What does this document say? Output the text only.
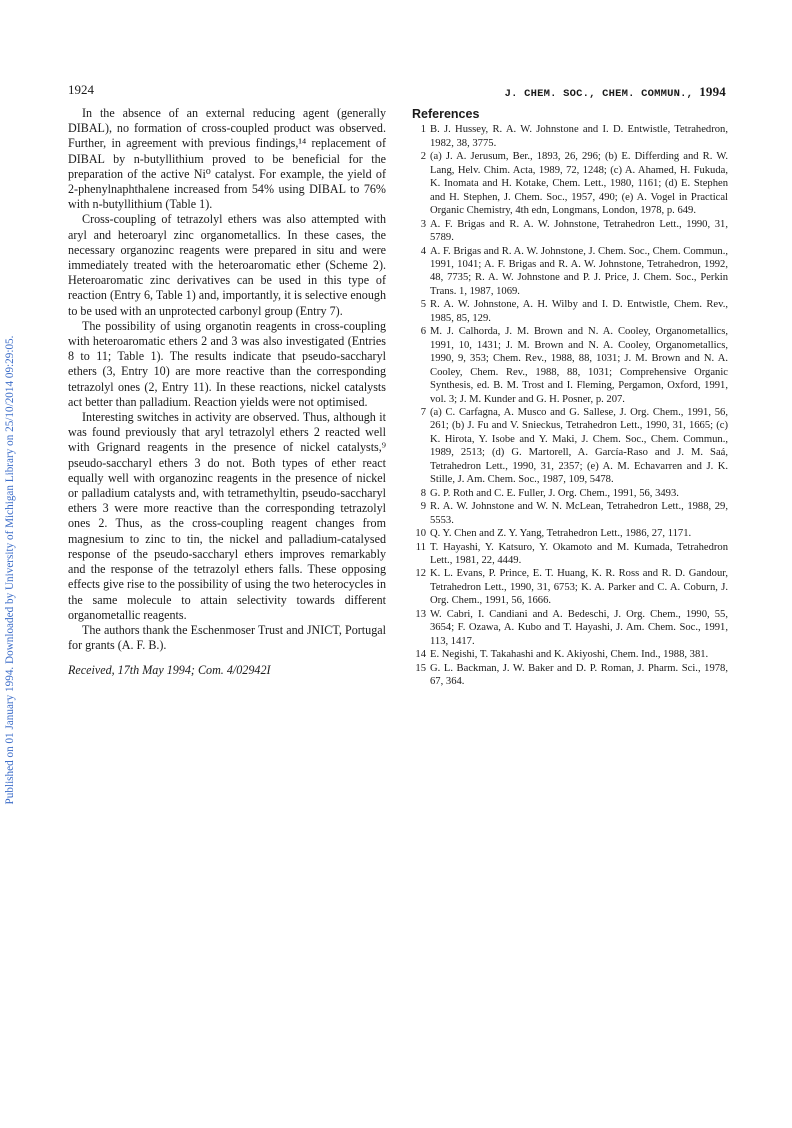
Published on 01 January 1994. Downloaded by University of Michigan Library on 25/10/2014 09:29:05.
1924	J. CHEM. SOC., CHEM. COMMUN., 1994

In the absence of an external reducing agent (generally DIBAL), no formation of cross-coupled product was observed. Further, in agreement with previous findings,¹⁴ replacement of DIBAL by n-butyllithium proved to be beneficial for the preparation of the active Ni⁰ catalyst. For example, the yield of 2-phenylnaphthalene increased from 54% using DIBAL to 76% with n-butyllithium (Table 1).

Cross-coupling of tetrazolyl ethers was also attempted with aryl and heteroaryl zinc organometallics. In these cases, the necessary organozinc reagents were prepared in situ and were immediately treated with the heteroaromatic ether (Scheme 2). Heteroaromatic zinc derivatives can be used in this type of reaction (Entry 6, Table 1) and, importantly, it is selective enough to be used with an unprotected carbonyl group (Entry 7).

The possibility of using organotin reagents in cross-coupling with heteroaromatic ethers 2 and 3 was also investigated (Entries 8 to 11; Table 1). The results indicate that pseudo-saccharyl ethers (3, Entry 10) are more reactive than the corresponding tetrazolyl ones (2, Entry 11). In these reactions, nickel catalysts act better than palladium. Reaction yields were not optimised.

Interesting switches in activity are observed. Thus, although it was found previously that aryl tetrazolyl ethers 2 reacted well with Grignard reagents in the presence of nickel catalysts,⁹ pseudo-saccharyl ethers 3 do not. Both types of ether react equally well with organozinc reagents in the presence of nickel or palladium catalysts and, with tetramethyltin, pseudo-saccharyl ethers 3 were more reactive than the corresponding tetrazolyl ones 2. Thus, as the cross-coupling reagent changes from magnesium to zinc to tin, the nickel and palladium-catalysed response of the pseudo-saccharyl ethers improves remarkably and the response of the tetrazolyl ethers falls. These opposing effects give rise to the possibility of using the two heterocycles in the same molecule to attain selectivity towards different organometallic reagents.

The authors thank the Eschenmoser Trust and JNICT, Portugal for grants (A. F. B.).

Received, 17th May 1994; Com. 4/02942I

References
1 B. J. Hussey, R. A. W. Johnstone and I. D. Entwistle, Tetrahedron, 1982, 38, 3775.
2 (a) J. A. Jerusum, Ber., 1893, 26, 296; (b) E. Differding and R. W. Lang, Helv. Chim. Acta, 1989, 72, 1248; (c) A. Ahamed, H. Fukuda, K. Inomata and H. Kotake, Chem. Lett., 1980, 1161; (d) E. Stephen and H. Stephen, J. Chem. Soc., 1957, 490; (e) A. Vogel in Practical Organic Chemistry, 4th edn, Longmans, London, 1978, p. 649.
3 A. F. Brigas and R. A. W. Johnstone, Tetrahedron Lett., 1990, 31, 5789.
4 A. F. Brigas and R. A. W. Johnstone, J. Chem. Soc., Chem. Commun., 1991, 1041; A. F. Brigas and R. A. W. Johnstone, Tetrahedron, 1992, 48, 7735; R. A. W. Johnstone and P. J. Price, J. Chem. Soc., Perkin Trans. 1, 1987, 1069.
5 R. A. W. Johnstone, A. H. Wilby and I. D. Entwistle, Chem. Rev., 1985, 85, 129.
6 M. J. Calhorda, J. M. Brown and N. A. Cooley, Organometallics, 1991, 10, 1431; J. M. Brown and N. A. Cooley, Organometallics, 1990, 9, 353; Chem. Rev., 1988, 88, 1031; J. M. Brown and N. A. Cooley, Chem. Rev., 1988, 88, 1031; Comprehensive Organic Synthesis, ed. B. M. Trost and I. Fleming, Pergamon, Oxford, 1991, vol. 3; J. M. Kunder and G. H. Posner, p. 207.
7 (a) C. Carfagna, A. Musco and G. Sallese, J. Org. Chem., 1991, 56, 261; (b) J. Fu and V. Snieckus, Tetrahedron Lett., 1990, 31, 1665; (c) K. Hirota, Y. Isobe and Y. Maki, J. Chem. Soc., Chem. Commun., 1989, 2513; (d) G. Martorell, A. García-Raso and J. M. Saá, Tetrahedron Lett., 1990, 31, 2357; (e) A. M. Echavarren and J. K. Stille, J. Am. Chem. Soc., 1987, 109, 5478.
8 G. P. Roth and C. E. Fuller, J. Org. Chem., 1991, 56, 3493.
9 R. A. W. Johnstone and W. N. McLean, Tetrahedron Lett., 1988, 29, 5553.
10 Q. Y. Chen and Z. Y. Yang, Tetrahedron Lett., 1986, 27, 1171.
11 T. Hayashi, Y. Katsuro, Y. Okamoto and M. Kumada, Tetrahedron Lett., 1981, 22, 4449.
12 K. L. Evans, P. Prince, E. T. Huang, K. R. Ross and R. D. Gandour, Tetrahedron Lett., 1990, 31, 6753; K. A. Parker and C. A. Coburn, J. Org. Chem., 1991, 56, 1666.
13 W. Cabri, I. Candiani and A. Bedeschi, J. Org. Chem., 1990, 55, 3654; F. Ozawa, A. Kubo and T. Hayashi, J. Am. Chem. Soc., 1991, 113, 1417.
14 E. Negishi, T. Takahashi and K. Akiyoshi, Chem. Ind., 1988, 381.
15 G. L. Backman, J. W. Baker and D. P. Roman, J. Pharm. Sci., 1978, 67, 364.
